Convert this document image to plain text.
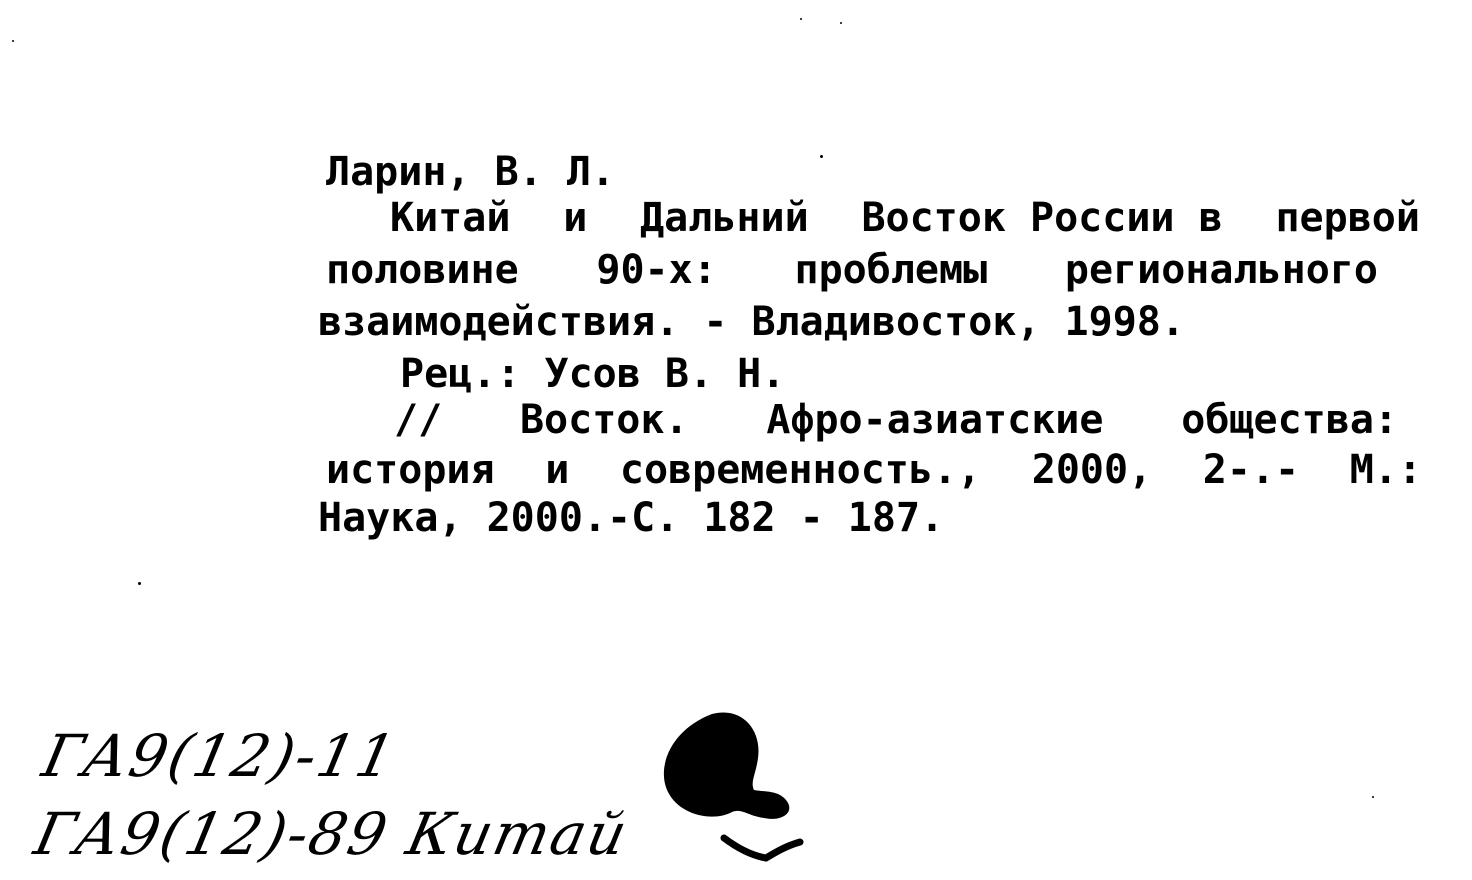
Ларин, В. Л.
Китай и Дальний Восток России в первой
половине 90-х: проблемы регионального
взаимодействия. - Владивосток, 1998.
Рец.: Усов В. Н.
// Восток. Афро-азиатские общества:
история и современность., 2000, 2-.- М.:
Наука, 2000.-С. 182 - 187.
ГА9(12)-11
ГА9(12)-89 Китай
